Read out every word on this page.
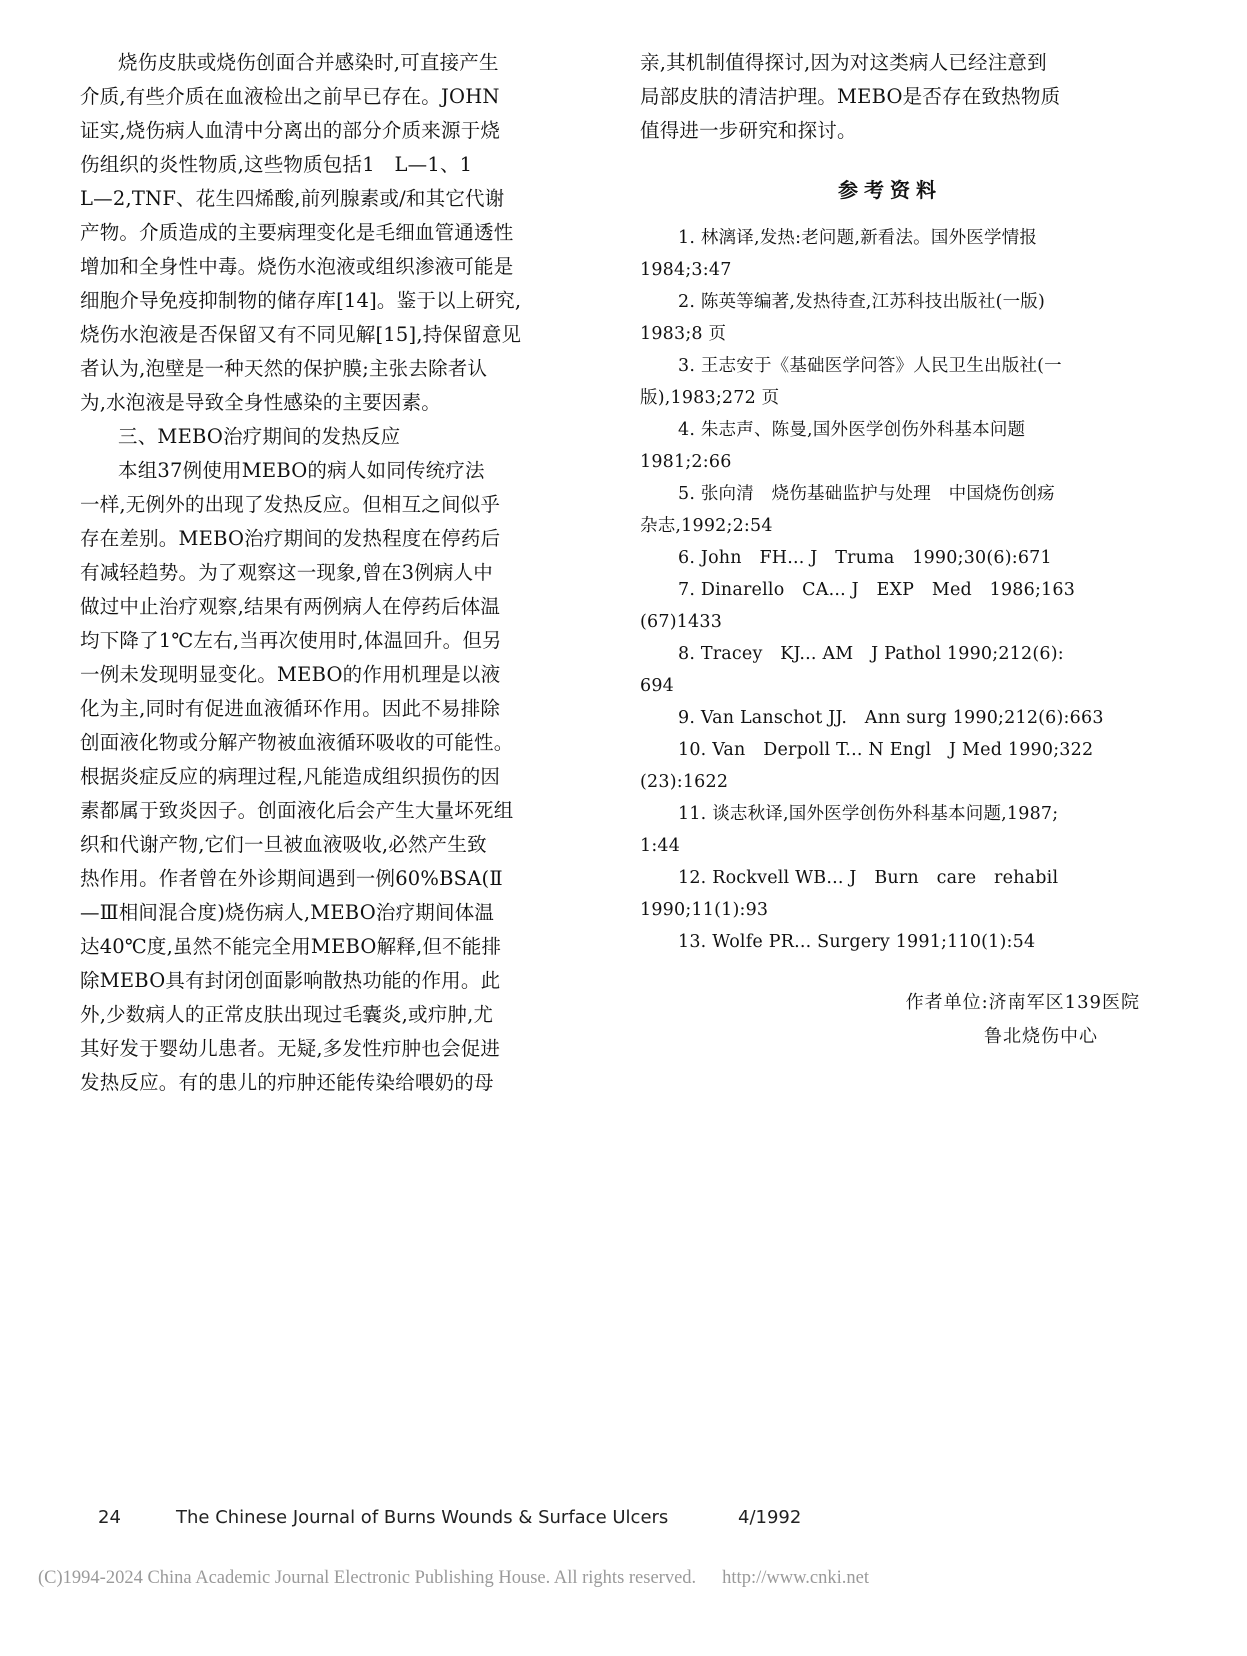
烧伤皮肤或烧伤创面合并感染时,可直接产生
介质,有些介质在血液检出之前早已存在。JOHN
证实,烧伤病人血清中分离出的部分介质来源于烧
伤组织的炎性物质,这些物质包括1　L—1、1
L—2,TNF、花生四烯酸,前列腺素或/和其它代谢
产物。介质造成的主要病理变化是毛细血管通透性
增加和全身性中毒。烧伤水泡液或组织渗液可能是
细胞介导免疫抑制物的储存库[14]。鉴于以上研究,
烧伤水泡液是否保留又有不同见解[15],持保留意见
者认为,泡壁是一种天然的保护膜;主张去除者认
为,水泡液是导致全身性感染的主要因素。
三、MEBO治疗期间的发热反应
本组37例使用MEBO的病人如同传统疗法
一样,无例外的出现了发热反应。但相互之间似乎
存在差别。MEBO治疗期间的发热程度在停药后
有减轻趋势。为了观察这一现象,曾在3例病人中
做过中止治疗观察,结果有两例病人在停药后体温
均下降了1℃左右,当再次使用时,体温回升。但另
一例未发现明显变化。MEBO的作用机理是以液
化为主,同时有促进血液循环作用。因此不易排除
创面液化物或分解产物被血液循环吸收的可能性。
根据炎症反应的病理过程,凡能造成组织损伤的因
素都属于致炎因子。创面液化后会产生大量坏死组
织和代谢产物,它们一旦被血液吸收,必然产生致
热作用。作者曾在外诊期间遇到一例60%BSA(Ⅱ
—Ⅲ相间混合度)烧伤病人,MEBO治疗期间体温
达40℃度,虽然不能完全用MEBO解释,但不能排
除MEBO具有封闭创面影响散热功能的作用。此
外,少数病人的正常皮肤出现过毛囊炎,或疖肿,尤
其好发于婴幼儿患者。无疑,多发性疖肿也会促进
发热反应。有的患儿的疖肿还能传染给喂奶的母
亲,其机制值得探讨,因为对这类病人已经注意到
局部皮肤的清洁护理。MEBO是否存在致热物质
值得进一步研究和探讨。
参考资料
1. 林漓译,发热:老问题,新看法。国外医学情报
1984;3:47
2. 陈英等编著,发热待查,江苏科技出版社(一版)
1983;8 页
3. 王志安于《基础医学问答》人民卫生出版社(一
版),1983;272 页
4. 朱志声、陈曼,国外医学创伤外科基本问题
1981;2:66
5. 张向清　烧伤基础监护与处理　中国烧伤创疡
杂志,1992;2:54
6. John　FH... J　Truma　1990;30(6):671
7. Dinarello　CA... J　EXP　Med　1986;163
(67)1433
8. Tracey　KJ... AM　J Pathol 1990;212(6):
694
9. Van Lanschot JJ.　Ann surg 1990;212(6):663
10. Van　Derpoll T... N Engl　J Med 1990;322
(23):1622
11. 谈志秋译,国外医学创伤外科基本问题,1987;
1:44
12. Rockvell WB... J　Burn　care　rehabil
1990;11(1):93
13. Wolfe PR... Surgery 1991;110(1):54
作者单位:济南军区139医院
鲁北烧伤中心
24	The Chinese Journal of Burns Wounds & Surface Ulcers	4/1992
(C)1994-2024 China Academic Journal Electronic Publishing House. All rights reserved. http://www.cnki.net
